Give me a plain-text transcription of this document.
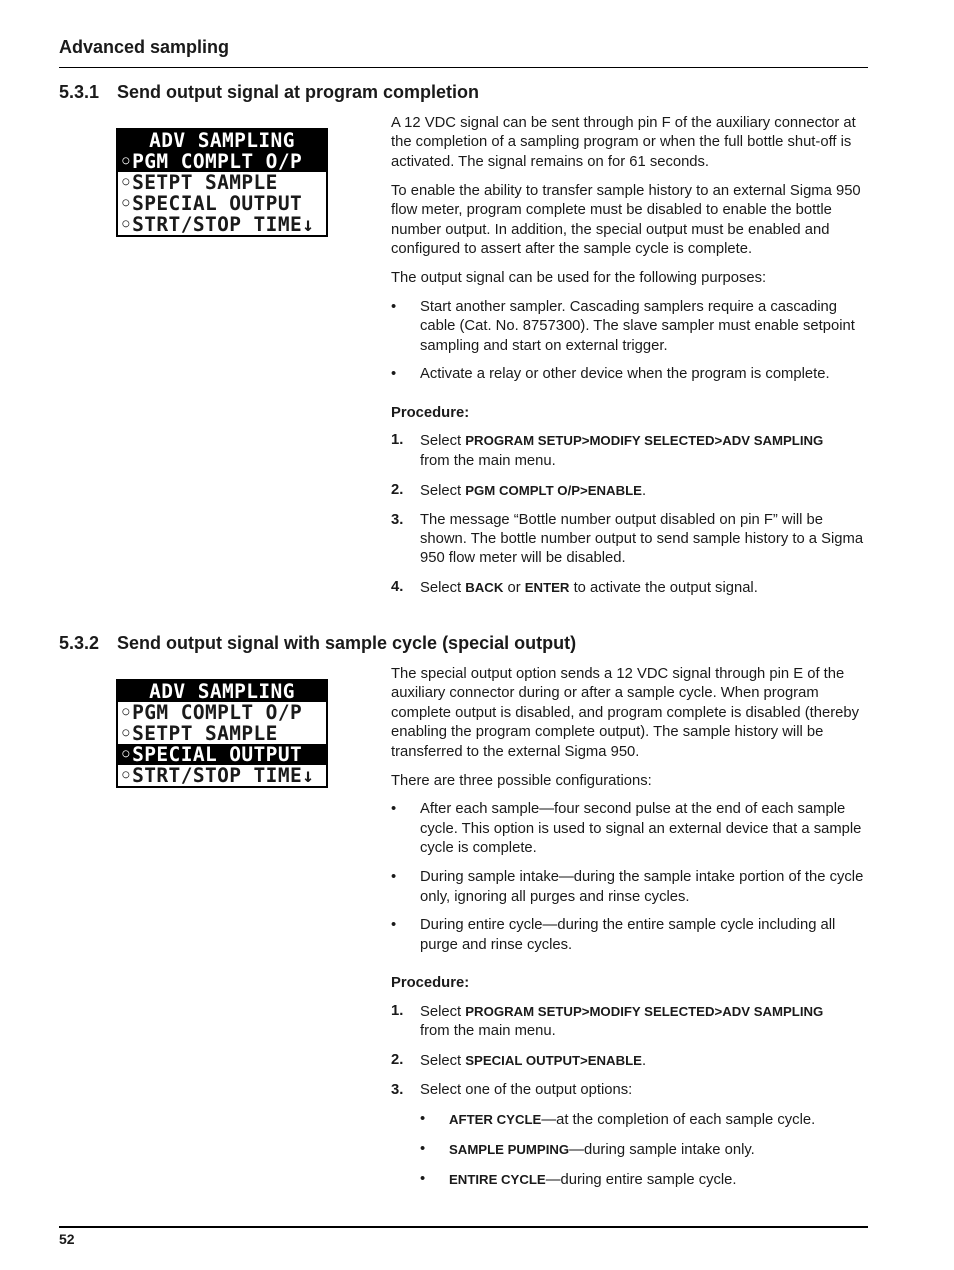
Advanced sampling
5.3.1 Send output signal at program completion
ADV SAMPLING
◦PGM COMPLT O/P
◦SETPT SAMPLE
◦SPECIAL OUTPUT
◦STRT/STOP TIME↓

A 12 VDC signal can be sent through pin F of the auxiliary connector at the completion of a sampling program or when the full bottle shut-off is activated. The signal remains on for 61 seconds.

To enable the ability to transfer sample history to an external Sigma 950 flow meter, program complete must be disabled to enable the bottle number output. In addition, the special output must be enabled and configured to assert after the sample cycle is complete.

The output signal can be used for the following purposes:

• Start another sampler. Cascading samplers require a cascading cable (Cat. No. 8757300). The slave sampler must enable setpoint sampling and start on external trigger.
• Activate a relay or other device when the program is complete.
Procedure:
1. Select PROGRAM SETUP>MODIFY SELECTED>ADV SAMPLING
from the main menu.
2. Select PGM COMPLT O/P>ENABLE.
3. The message “Bottle number output disabled on pin F” will be shown. The bottle number output to send sample history to a Sigma 950 flow meter will be disabled.
4. Select BACK or ENTER to activate the output signal.
5.3.2 Send output signal with sample cycle (special output)
ADV SAMPLING
◦PGM COMPLT O/P
◦SETPT SAMPLE
◦SPECIAL OUTPUT
◦STRT/STOP TIME↓

The special output option sends a 12 VDC signal through pin E of the auxiliary connector during or after a sample cycle. When program complete output is disabled, and program complete is disabled (thereby enabling the program complete output). The sample history will be transferred to the external Sigma 950.

There are three possible configurations:

• After each sample—four second pulse at the end of each sample cycle. This option is used to signal an external device that a sample cycle is complete.
• During sample intake—during the sample intake portion of the cycle only, ignoring all purges and rinse cycles.
• During entire cycle—during the entire sample cycle including all purge and rinse cycles.
Procedure:
1. Select PROGRAM SETUP>MODIFY SELECTED>ADV SAMPLING
from the main menu.
2. Select SPECIAL OUTPUT>ENABLE.
3. Select one of the output options:
• AFTER CYCLE—at the completion of each sample cycle.
• SAMPLE PUMPING—during sample intake only.
• ENTIRE CYCLE—during entire sample cycle.
52
